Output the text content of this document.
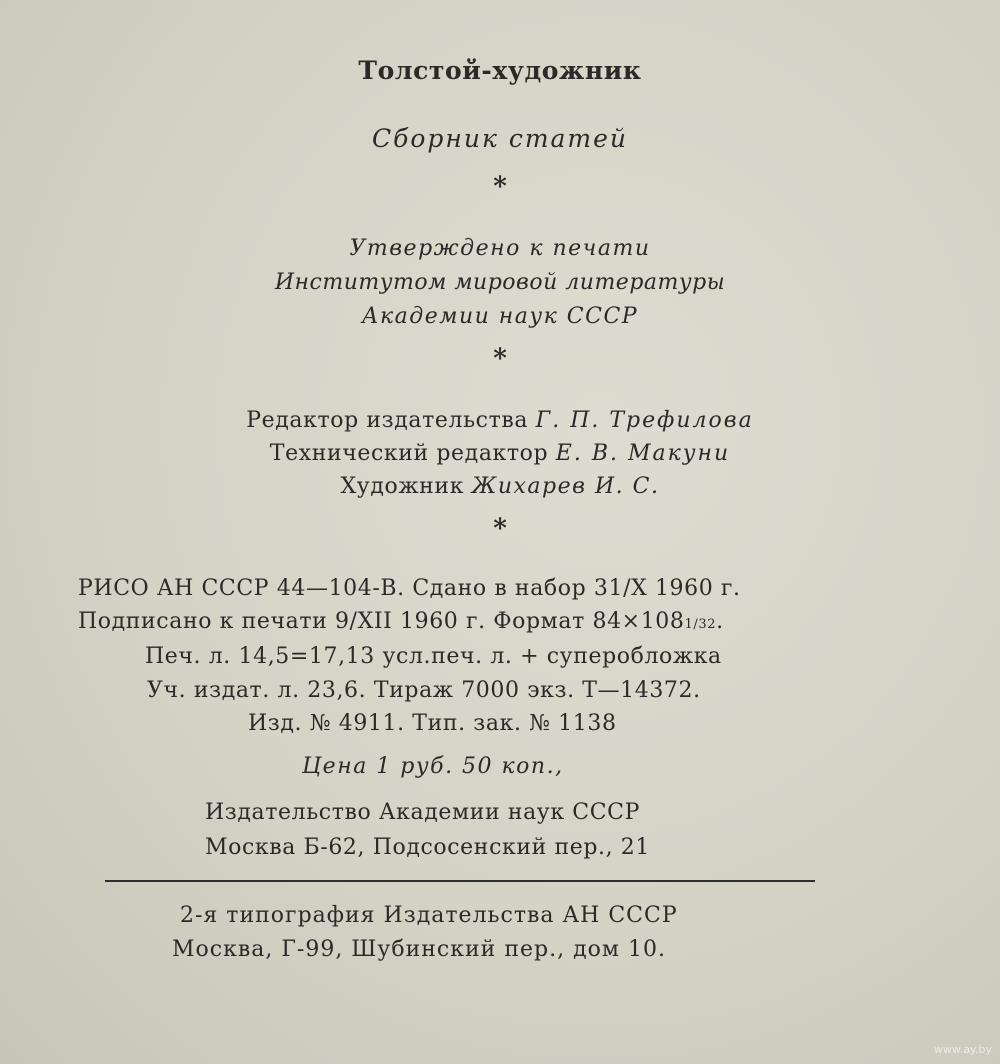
Толстой-художник
Сборник статей
*
Утверждено к печати
Институтом мировой литературы
Академии наук СССР
*
Редактор издательства Г. П. Трефилова
Технический редактор Е. В. Макуни
Художник Жихарев И. С.
*
РИСО АН СССР 44—104-В. Сдано в набор 31/Х 1960 г.
Подписано к печати 9/XII 1960 г. Формат 84×1081/32.
Печ. л. 14,5=17,13 усл.печ. л. + суперобложка
Уч. издат. л. 23,6. Тираж 7000 экз. Т—14372.
Изд. № 4911. Тип. зак. № 1138
Цена 1 руб. 50 коп.,
Издательство Академии наук СССР
Москва Б-62, Подсосенский пер., 21
2-я типография Издательства АН СССР
Москва, Г-99, Шубинский пер., дом 10.
www.ay.by
